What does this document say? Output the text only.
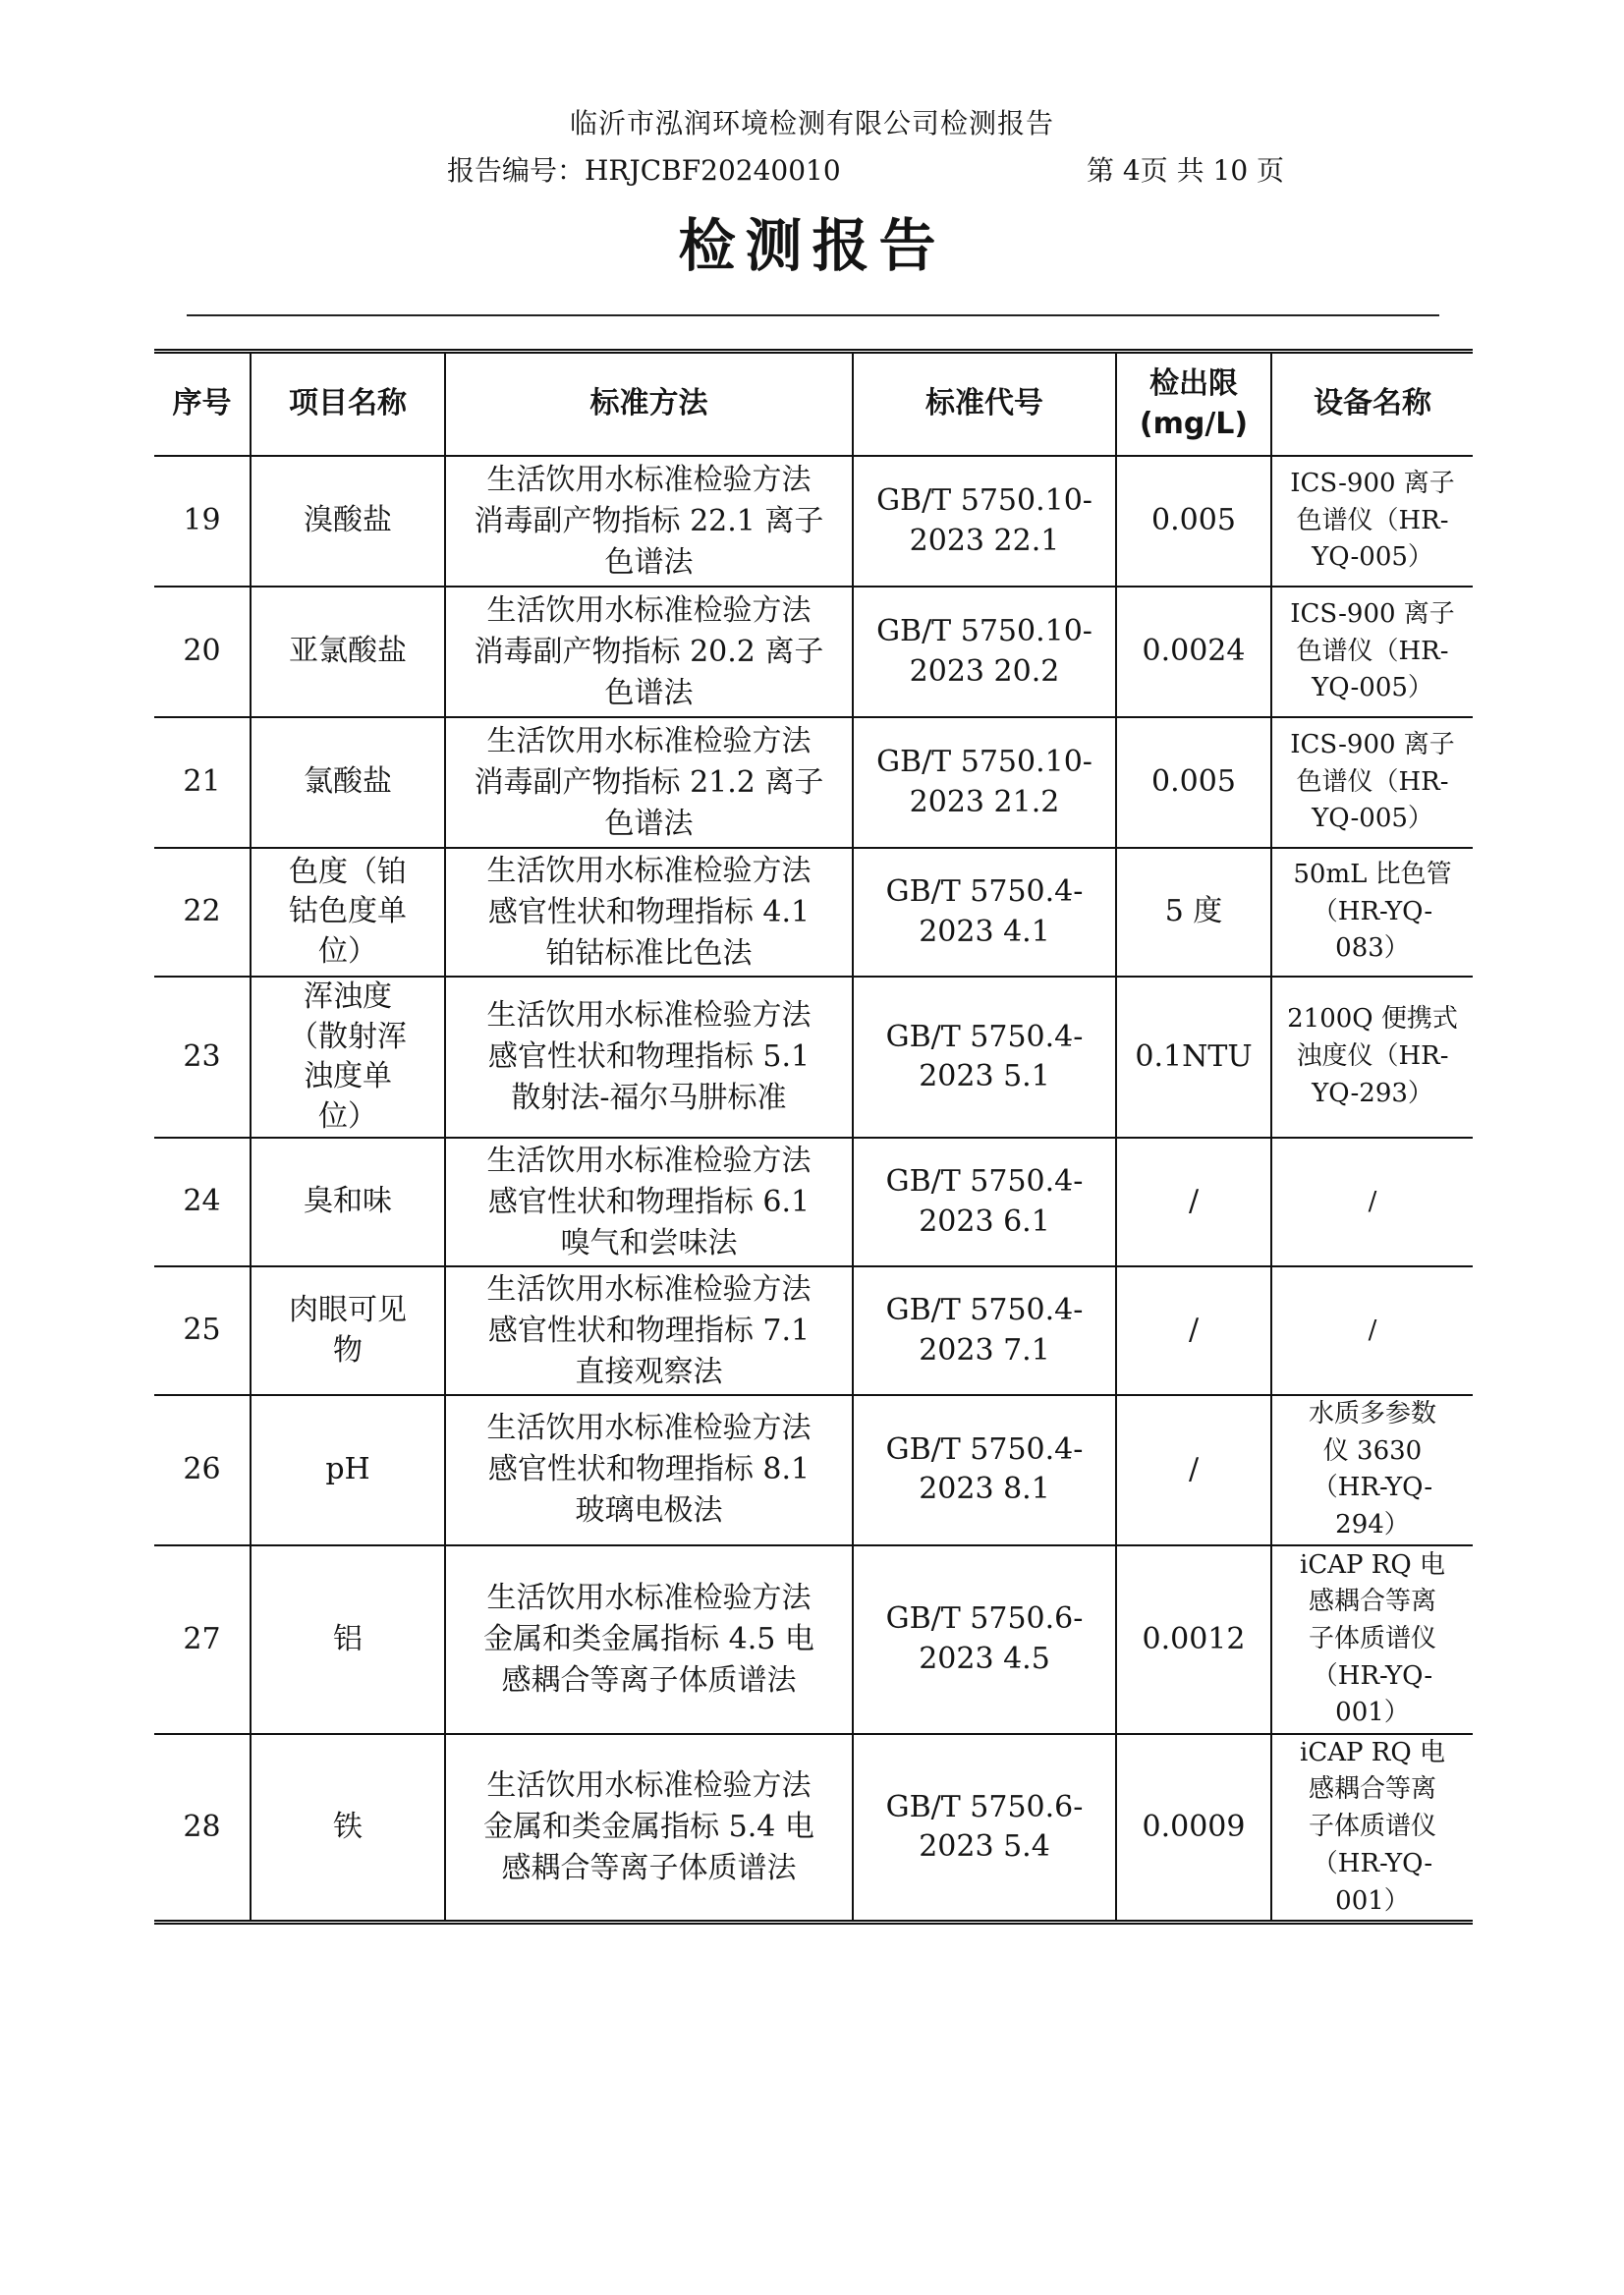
临沂市泓润环境检测有限公司检测报告
报告编号：HRJCBF20240010	第 4页 共 10 页
检测报告
序号	项目名称	标准方法	标准代号	检出限
(mg/L)	设备名称
19	溴酸盐	生活饮用水标准检验方法
消毒副产物指标 22.1 离子
色谱法	GB/T 5750.10-
2023 22.1	0.005	ICS-900 离子
色谱仪（HR-
YQ-005）
20	亚氯酸盐	生活饮用水标准检验方法
消毒副产物指标 20.2 离子
色谱法	GB/T 5750.10-
2023 20.2	0.0024	ICS-900 离子
色谱仪（HR-
YQ-005）
21	氯酸盐	生活饮用水标准检验方法
消毒副产物指标 21.2 离子
色谱法	GB/T 5750.10-
2023 21.2	0.005	ICS-900 离子
色谱仪（HR-
YQ-005）
22	色度（铂
钴色度单
位）	生活饮用水标准检验方法
感官性状和物理指标 4.1
铂钴标准比色法	GB/T 5750.4-
2023 4.1	5 度	50mL 比色管
（HR-YQ-
083）
23	浑浊度
（散射浑
浊度单
位）	生活饮用水标准检验方法
感官性状和物理指标 5.1
散射法-福尔马肼标准	GB/T 5750.4-
2023 5.1	0.1NTU	2100Q 便携式
浊度仪（HR-
YQ-293）
24	臭和味	生活饮用水标准检验方法
感官性状和物理指标 6.1
嗅气和尝味法	GB/T 5750.4-
2023 6.1	/	/
25	肉眼可见
物	生活饮用水标准检验方法
感官性状和物理指标 7.1
直接观察法	GB/T 5750.4-
2023 7.1	/	/
26	pH	生活饮用水标准检验方法
感官性状和物理指标 8.1
玻璃电极法	GB/T 5750.4-
2023 8.1	/	水质多参数
仪 3630
（HR-YQ-
294）
27	铝	生活饮用水标准检验方法
金属和类金属指标 4.5 电
感耦合等离子体质谱法	GB/T 5750.6-
2023 4.5	0.0012	iCAP RQ 电
感耦合等离
子体质谱仪
（HR-YQ-
001）
28	铁	生活饮用水标准检验方法
金属和类金属指标 5.4 电
感耦合等离子体质谱法	GB/T 5750.6-
2023 5.4	0.0009	iCAP RQ 电
感耦合等离
子体质谱仪
（HR-YQ-
001）
